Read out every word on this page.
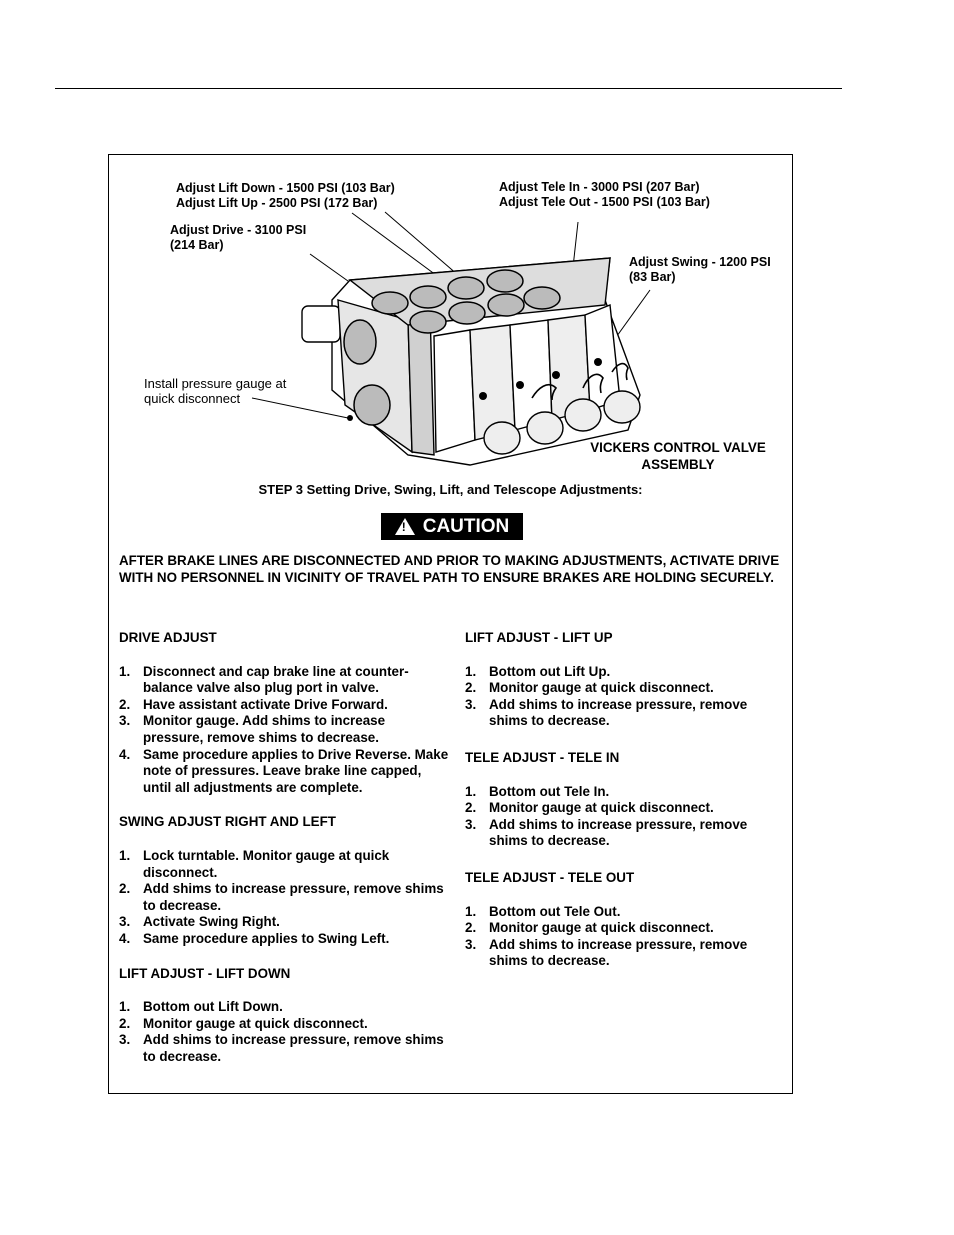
Adjust Lift Down - 1500 PSI (103 Bar)
Adjust Lift Up - 2500 PSI (172 Bar)
Adjust Tele In - 3000 PSI (207 Bar)
Adjust Tele Out - 1500 PSI (103 Bar)
Adjust Drive - 3100 PSI
(214 Bar)
Adjust Swing - 1200 PSI
(83 Bar)
Install pressure gauge at
quick disconnect
VICKERS CONTROL VALVE
ASSEMBLY
STEP 3 Setting Drive, Swing, Lift, and Telescope Adjustments:
! CAUTION
AFTER BRAKE LINES ARE DISCONNECTED AND PRIOR TO MAKING ADJUSTMENTS, ACTIVATE DRIVE WITH NO PERSONNEL IN VICINITY OF TRAVEL PATH TO ENSURE BRAKES ARE HOLDING SECURELY.
DRIVE ADJUST
1. Disconnect and cap brake line at counter-balance valve also plug port in valve.
2. Have assistant activate Drive Forward.
3. Monitor gauge. Add shims to increase pressure, remove shims to decrease.
4. Same procedure applies to Drive Reverse. Make note of pressures. Leave brake line capped, until all adjustments are complete.
SWING ADJUST RIGHT AND LEFT
1. Lock turntable. Monitor gauge at quick disconnect.
2. Add shims to increase pressure, remove shims to decrease.
3. Activate Swing Right.
4. Same procedure applies to Swing Left.
LIFT ADJUST - LIFT DOWN
1. Bottom out Lift Down.
2. Monitor gauge at quick disconnect.
3. Add shims to increase pressure, remove shims to decrease.
LIFT ADJUST - LIFT UP
1. Bottom out Lift Up.
2. Monitor gauge at quick disconnect.
3. Add shims to increase pressure, remove shims to decrease.
TELE ADJUST - TELE IN
1. Bottom out Tele In.
2. Monitor gauge at quick disconnect.
3. Add shims to increase pressure, remove shims to decrease.
TELE ADJUST - TELE OUT
1. Bottom out Tele Out.
2. Monitor gauge at quick disconnect.
3. Add shims to increase pressure, remove shims to decrease.
